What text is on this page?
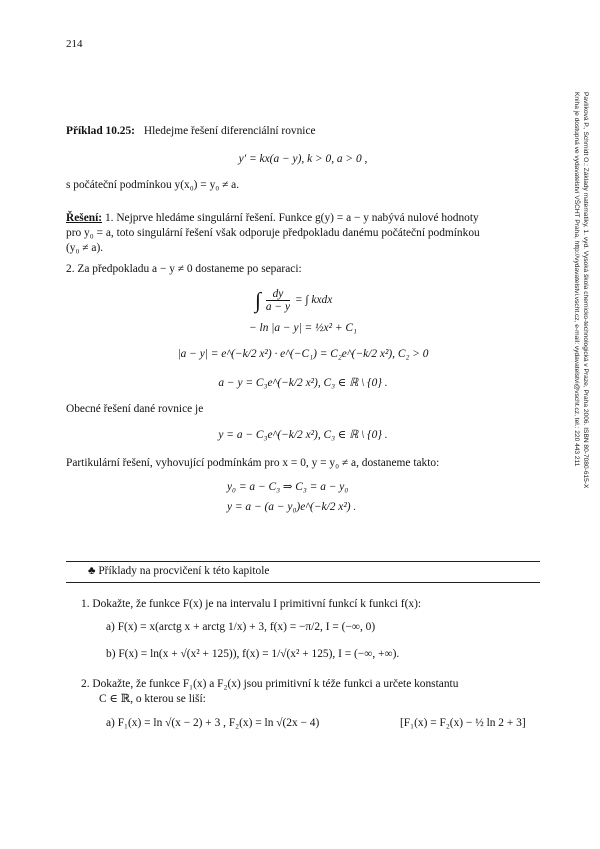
214
Pavlíková P., Schmidt O.: Základy matematiky, 1. vyd. Vysoká škola chemicko-technologická v Praze, Praha 2006. ISBN 80-7080-615-X
Kniha je dostupná ve vydavatelství VŠCHT Praha, http://vydavatelstvi.vscht.cz, e-mail: vydavatelstvi@vscht.cz, tel.: 220 443 211
Příklad 10.25: Hledejme řešení diferenciální rovnice
y′ = kx(a − y), k > 0, a > 0 ,
s počáteční podmínkou y(x₀) = y₀ ≠ a.
Řešení: 1. Nejprve hledáme singulární řešení. Funkce g(y) = a − y nabývá nulové hodnoty
pro y₀ = a, toto singulární řešení však odporuje předpokladu danému počáteční podmínkou
(y₀ ≠ a).
2. Za předpokladu a − y ≠ 0 dostaneme po separaci:
∫ $\frac{dy}{a - y}$ = ∫ kxdx
− ln |a − y| = ½x² + C₁
|a − y| = e^(−k/2 x²) · e^(−C₁) = C₂e^(−k/2 x²), C₂ > 0
a − y = C₃e^(−k/2 x²), C₃ ∈ ℝ \ {0} .
Obecné řešení dané rovnice je
y = a − C₃e^(−k/2 x²), C₃ ∈ ℝ \ {0} .
Partikulární řešení, vyhovující podmínkám pro x = 0, y = y₀ ≠ a, dostaneme takto:
y₀ = a − C₃ ⇒ C₃ = a − y₀
y = a − (a − y₀)e^(−k/2 x²) .
♣ Příklady na procvičení k této kapitole
1. Dokažte, že funkce F(x) je na intervalu I primitivní funkcí k funkci f(x):
a) F(x) = x(arctg x + arctg 1/x) + 3, f(x) = −π/2, I = (−∞, 0)
b) F(x) = ln(x + √(x² + 125)), f(x) = 1/√(x² + 125), I = (−∞, +∞).
2. Dokažte, že funkce F₁(x) a F₂(x) jsou primitivní k téže funkci a určete konstantu
C ∈ ℝ, o kterou se liší:
a) F₁(x) = ln √(x − 2) + 3 , F₂(x) = ln √(2x − 4)	[F₁(x) = F₂(x) − ½ ln 2 + 3]
